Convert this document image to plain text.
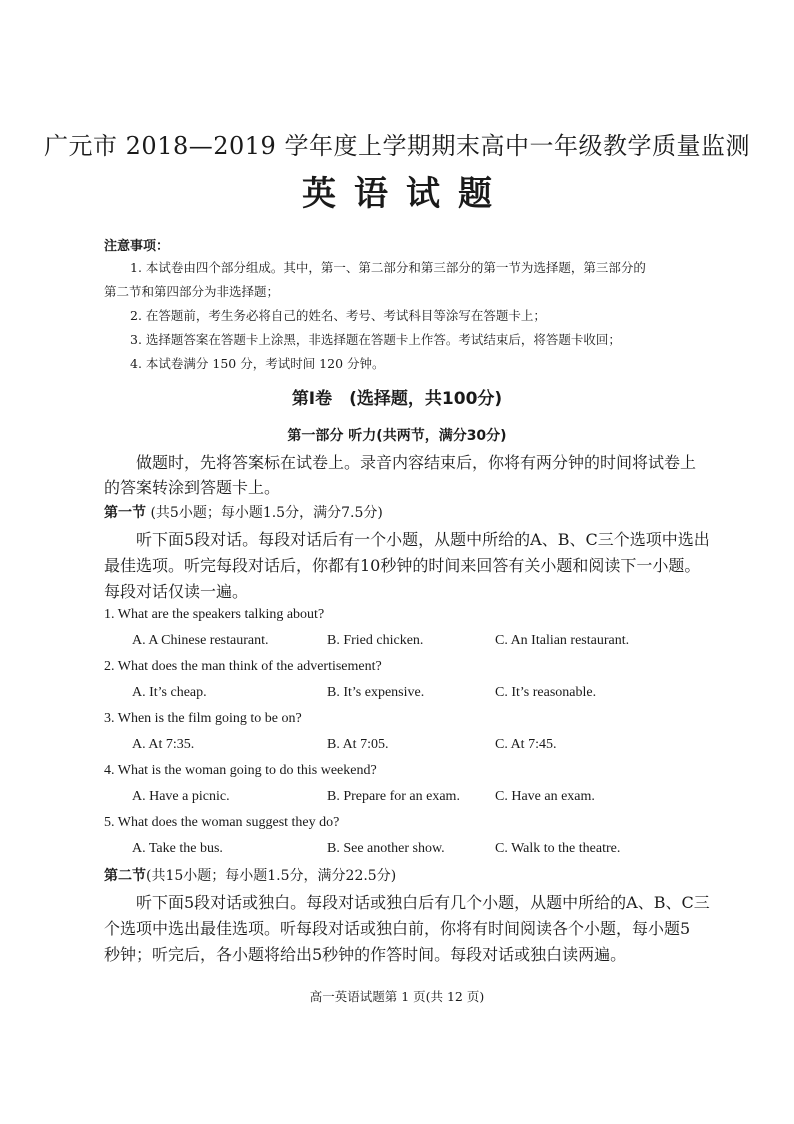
广元市 2018—2019 学年度上学期期末高中一年级教学质量监测
英语试题
注意事项：
1. 本试卷由四个部分组成。其中，第一、第二部分和第三部分的第一节为选择题，第三部分的
第二节和第四部分为非选择题；
2. 在答题前，考生务必将自己的姓名、考号、考试科目等涂写在答题卡上；
3. 选择题答案在答题卡上涂黑，非选择题在答题卡上作答。考试结束后，将答题卡收回；
4. 本试卷满分 150 分，考试时间 120 分钟。
第Ⅰ卷　(选择题，共100分)
第一部分 听力(共两节，满分30分)
做题时，先将答案标在试卷上。录音内容结束后，你将有两分钟的时间将试卷上
的答案转涂到答题卡上。
第一节 (共5小题；每小题1.5分，满分7.5分)
听下面5段对话。每段对话后有一个小题，从题中所给的A、B、C三个选项中选出
最佳选项。听完每段对话后，你都有10秒钟的时间来回答有关小题和阅读下一小题。
每段对话仅读一遍。
1. What are the speakers talking about?
A. A Chinese restaurant.	B. Fried chicken.	C. An Italian restaurant.
2. What does the man think of the advertisement?
A. It’s cheap.	B. It’s expensive.	C. It’s reasonable.
3. When is the film going to be on?
A. At 7:35.	B. At 7:05.	C. At 7:45.
4. What is the woman going to do this weekend?
A. Have a picnic.	B. Prepare for an exam.	C. Have an exam.
5. What does the woman suggest they do?
A. Take the bus.	B. See another show.	C. Walk to the theatre.
第二节(共15小题；每小题1.5分，满分22.5分)
听下面5段对话或独白。每段对话或独白后有几个小题，从题中所给的A、B、C三
个选项中选出最佳选项。听每段对话或独白前，你将有时间阅读各个小题，每小题5
秒钟；听完后，各小题将给出5秒钟的作答时间。每段对话或独白读两遍。
高一英语试题第 1 页(共 12 页)
